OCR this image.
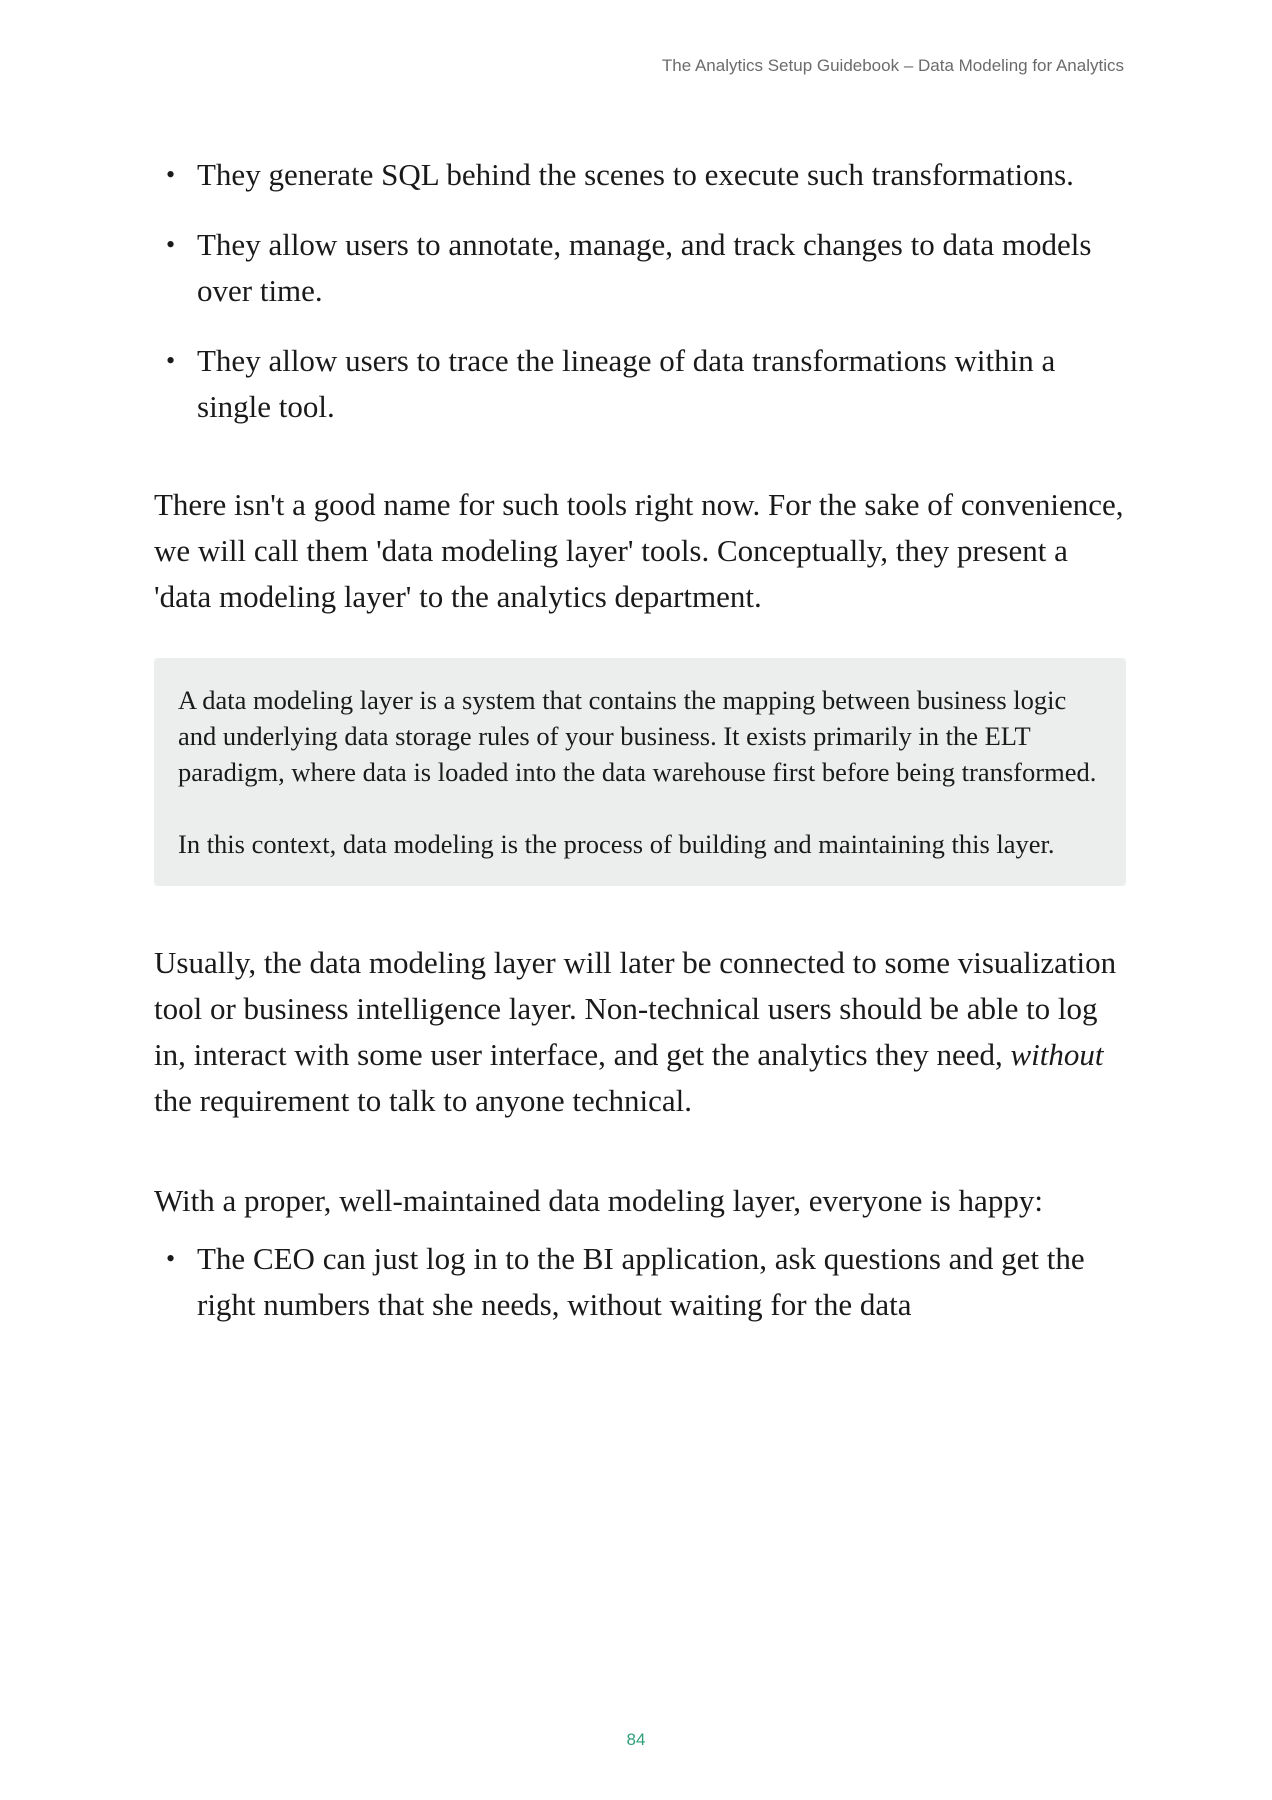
The Analytics Setup Guidebook – Data Modeling for Analytics
• They generate SQL behind the scenes to execute such transformations.
• They allow users to annotate, manage, and track changes to data models over time.
• They allow users to trace the lineage of data transformations within a single tool.

There isn't a good name for such tools right now. For the sake of convenience, we will call them 'data modeling layer' tools. Conceptually, they present a 'data modeling layer' to the analytics department.

A data modeling layer is a system that contains the mapping between business logic and underlying data storage rules of your business. It exists primarily in the ELT paradigm, where data is loaded into the data warehouse first before being transformed.

In this context, data modeling is the process of building and maintaining this layer.

Usually, the data modeling layer will later be connected to some visualization tool or business intelligence layer. Non-technical users should be able to log in, interact with some user interface, and get the analytics they need, without the requirement to talk to anyone technical.

With a proper, well-maintained data modeling layer, everyone is happy:

• The CEO can just log in to the BI application, ask questions and get the right numbers that she needs, without waiting for the data
84
